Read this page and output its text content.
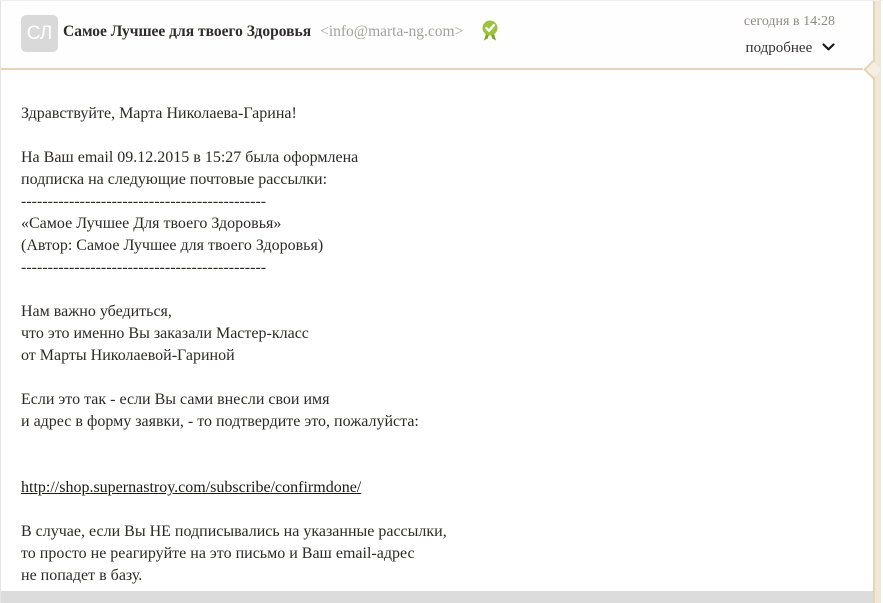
СЛ Самое Лучшее для твоего Здоровья <info@marta-ng.com>
сегодня в 14:28
подробнее
Здравствуйте, Марта Николаева-Гарина!
На Ваш email 09.12.2015 в 15:27 была оформлена
подписка на следующие почтовые рассылки:
----------------------------------------------
«Самое Лучшее Для твоего Здоровья»
(Автор: Самое Лучшее для твоего Здоровья)
----------------------------------------------
Нам важно убедиться,
что это именно Вы заказали Мастер-класс
от Марты Николаевой-Гариной
Если это так - если Вы сами внесли свои имя
и адрес в форму заявки, - то подтвердите это, пожалуйста:
http://shop.supernastroy.com/subscribe/confirmdone/
В случае, если Вы НЕ подписывались на указанные рассылки,
то просто не реагируйте на это письмо и Ваш email-адрес
не попадет в базу.
